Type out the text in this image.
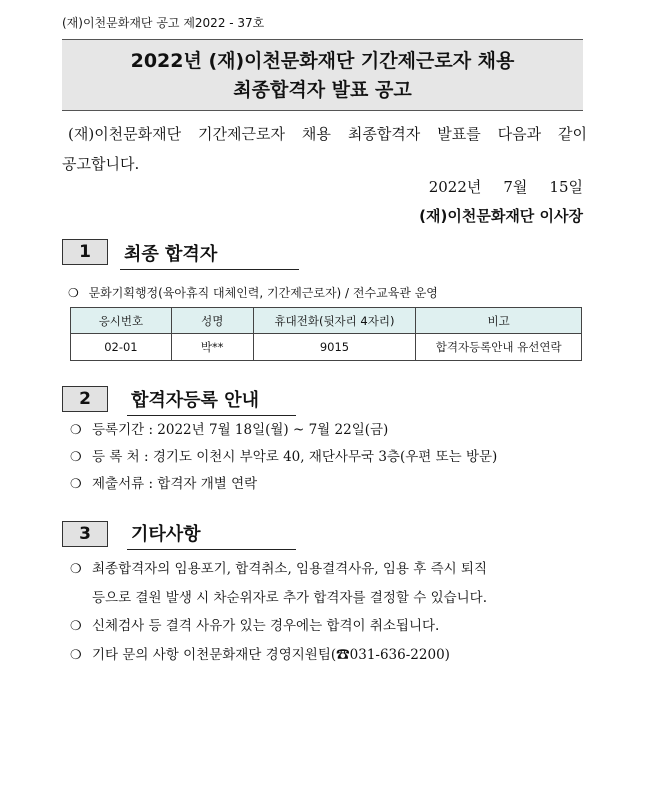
(재)이천문화재단 공고 제2022 - 37호
2022년 (재)이천문화재단 기간제근로자 채용
최종합격자 발표 공고
(재)이천문화재단 기간제근로자 채용 최종합격자 발표를 다음과 같이
공고합니다.
2022년 7월 15일
(재)이천문화재단 이사장
1	최종 합격자
❍ 문화기획행정(육아휴직 대체인력, 기간제근로자) / 전수교육관 운영
응시번호	성명	휴대전화(뒷자리 4자리)	비고
02-01	박**	9015	합격자등록안내 유선연락
2	합격자등록 안내
❍ 등록기간 : 2022년 7월 18일(월) ~ 7월 22일(금)
❍ 등 록 처 : 경기도 이천시 부악로 40, 재단사무국 3층(우편 또는 방문)
❍ 제출서류 : 합격자 개별 연락
3	기타사항
❍ 최종합격자의 임용포기, 합격취소, 임용결격사유, 임용 후 즉시 퇴직
등으로 결원 발생 시 차순위자로 추가 합격자를 결정할 수 있습니다.
❍ 신체검사 등 결격 사유가 있는 경우에는 합격이 취소됩니다.
❍ 기타 문의 사항 이천문화재단 경영지원팀(☎031-636-2200)
